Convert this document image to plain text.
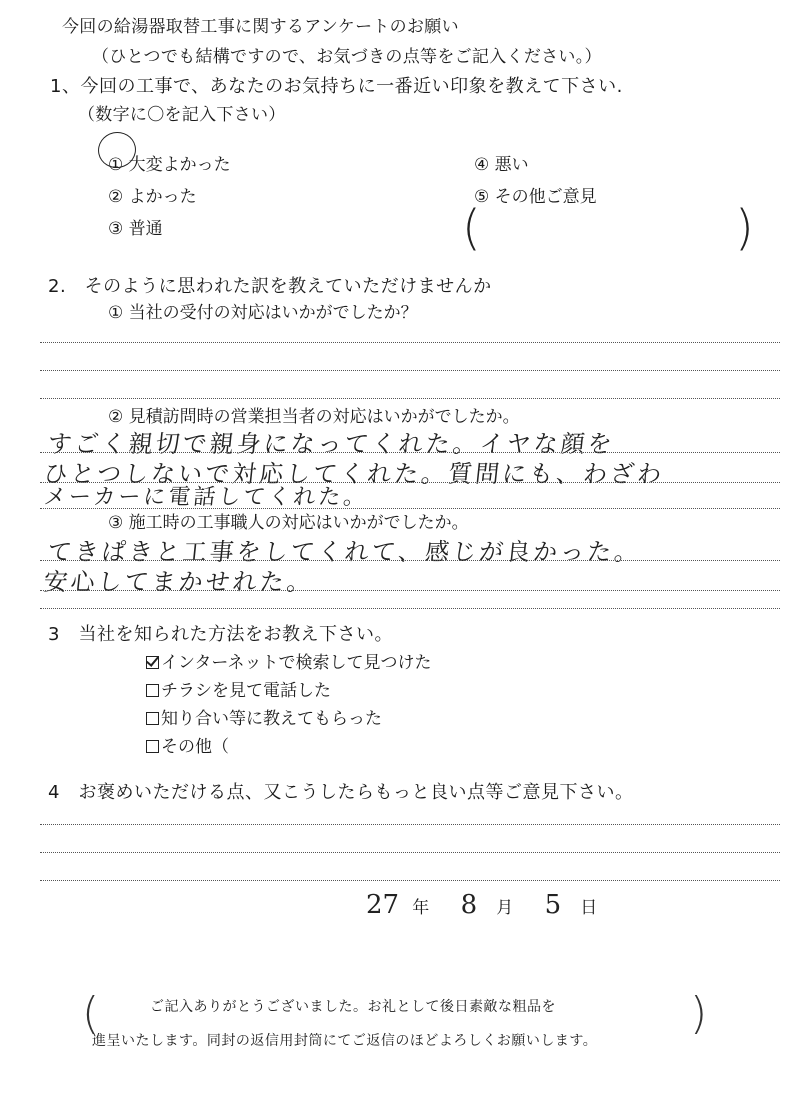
今回の給湯器取替工事に関するアンケートのお願い
（ひとつでも結構ですので、お気づきの点等をご記入ください。）
1、今回の工事で、あなたのお気持ちに一番近い印象を教えて下さい.
（数字に〇を記入下さい）
① 大変よかった
② よかった
③ 普通
④ 悪い
⑤ その他ご意見
(	)
2.　そのように思われた訳を教えていただけませんか
① 当社の受付の対応はいかがでしたか？
② 見積訪問時の営業担当者の対応はいかがでしたか。
すごく親切で親身になってくれた。イヤな顔を
ひとつしないで対応してくれた。質問にも、わざわ
メーカーに電話してくれた。
③ 施工時の工事職人の対応はいかがでしたか。
てきぱきと工事をしてくれて、感じが良かった。
安心してまかせれた。
3　当社を知られた方法をお教え下さい。
インターネットで検索して見つけた
チラシを見て電話した
知り合い等に教えてもらった
その他（
4　お褒めいただける点、又こうしたらもっと良い点等ご意見下さい。
27 年 8 月 5 日
(	ご記入ありがとうございました。お礼として後日素敵な粗品を
進呈いたします。同封の返信用封筒にてご返信のほどよろしくお願いします。
)
